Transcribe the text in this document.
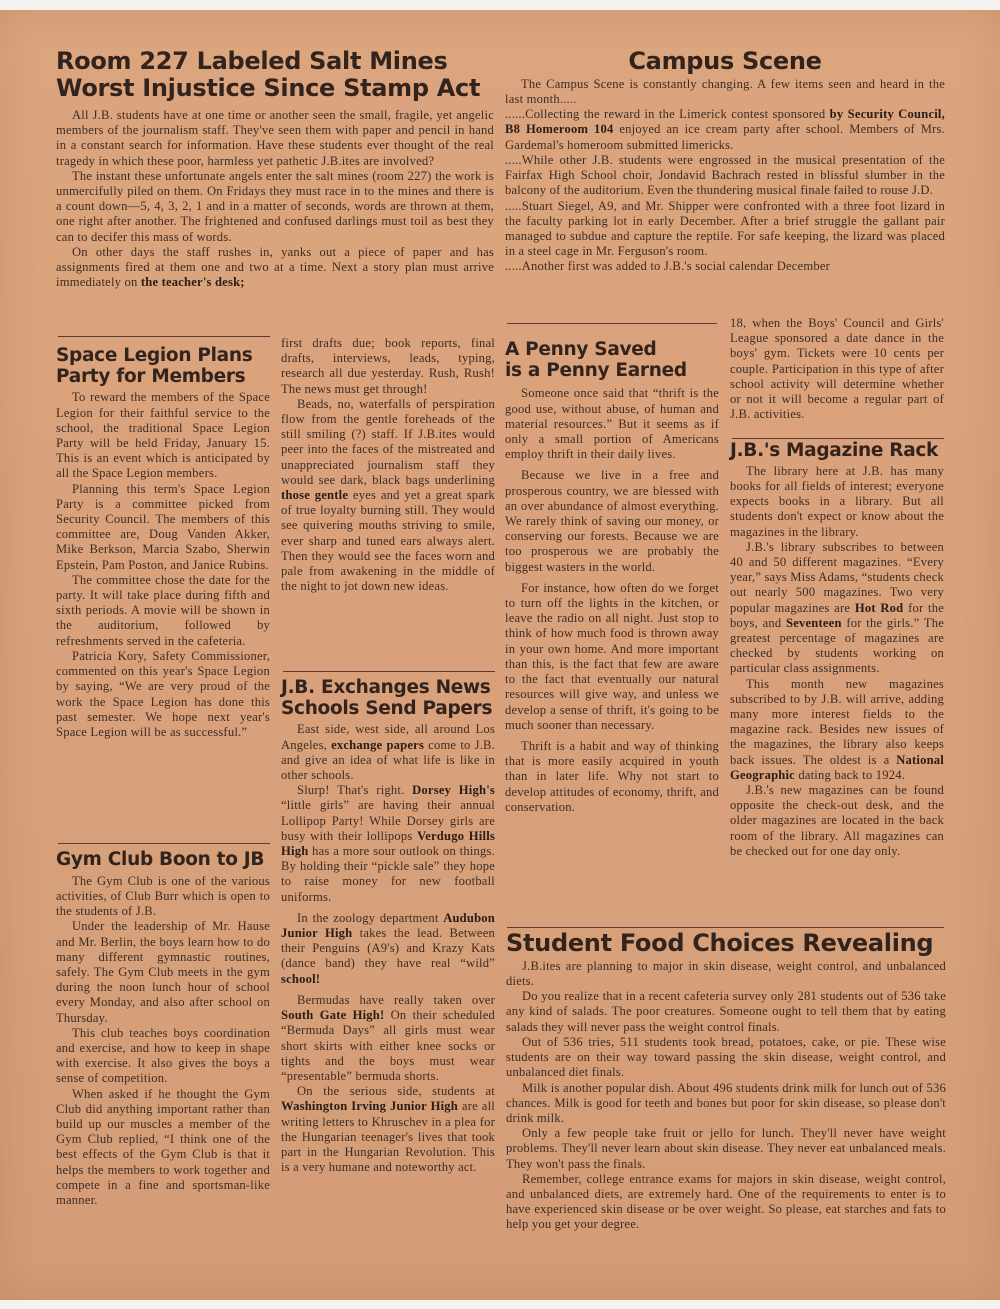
Room 227 Labeled Salt Mines
Worst Injustice Since Stamp Act

All J.B. students have at one time or another seen the small, fragile, yet angelic members of the journalism staff. They've seen them with paper and pencil in hand in a constant search for information. Have these students ever thought of the real tragedy in which these poor, harmless yet pathetic J.B.ites are involved?

The instant these unfortunate angels enter the salt mines (room 227) the work is unmercifully piled on them. On Fridays they must race in to the mines and there is a count down—5, 4, 3, 2, 1 and in a matter of seconds, words are thrown at them, one right after another. The frightened and confused darlings must toil as best they can to decifer this mass of words.

On other days the staff rushes in, yanks out a piece of paper and has assignments fired at them one and two at a time. Next a story plan must arrive immediately on the teacher's desk;

first drafts due; book reports, final drafts, interviews, leads, typing, research all due yesterday. Rush, Rush! The news must get through!

Beads, no, waterfalls of perspiration flow from the gentle foreheads of the still smiling (?) staff. If J.B.ites would peer into the faces of the mistreated and unappreciated journalism staff they would see dark, black bags underlining those gentle eyes and yet a great spark of true loyalty burning still. They would see quivering mouths striving to smile, ever sharp and tuned ears always alert. Then they would see the faces worn and pale from awakening in the middle of the night to jot down new ideas.

Space Legion Plans
Party for Members

To reward the members of the Space Legion for their faithful service to the school, the traditional Space Legion Party will be held Friday, January 15. This is an event which is anticipated by all the Space Legion members.

Planning this term's Space Legion Party is a committee picked from Security Council. The members of this committee are, Doug Vanden Akker, Mike Berkson, Marcia Szabo, Sherwin Epstein, Pam Poston, and Janice Rubins.

The committee chose the date for the party. It will take place during fifth and sixth periods. A movie will be shown in the auditorium, followed by refreshments served in the cafeteria.

Patricia Kory, Safety Commissioner, commented on this year's Space Legion by saying, “We are very proud of the work the Space Legion has done this past semester. We hope next year's Space Legion will be as successful.”

Gym Club Boon to JB

The Gym Club is one of the various activities, of Club Burr which is open to the students of J.B.

Under the leadership of Mr. Hause and Mr. Berlin, the boys learn how to do many different gymnastic routines, safely. The Gym Club meets in the gym during the noon lunch hour of school every Monday, and also after school on Thursday.

This club teaches boys coordination and exercise, and how to keep in shape with exercise. It also gives the boys a sense of competition.

When asked if he thought the Gym Club did anything important rather than build up our muscles a member of the Gym Club replied, “I think one of the best effects of the Gym Club is that it helps the members to work together and compete in a fine and sportsman-like manner.

J.B. Exchanges News
Schools Send Papers

East side, west side, all around Los Angeles, exchange papers come to J.B. and give an idea of what life is like in other schools.

Slurp! That's right. Dorsey High's “little girls” are having their annual Lollipop Party! While Dorsey girls are busy with their lollipops Verdugo Hills High has a more sour outlook on things. By holding their “pickle sale” they hope to raise money for new football uniforms.

In the zoology department Audubon Junior High takes the lead. Between their Penguins (A9's) and Krazy Kats (dance band) they have real “wild” school!

Bermudas have really taken over South Gate High! On their scheduled “Bermuda Days” all girls must wear short skirts with either knee socks or tights and the boys must wear “presentable” bermuda shorts.

On the serious side, students at Washington Irving Junior High are all writing letters to Khruschev in a plea for the Hungarian teenager's lives that took part in the Hungarian Revolution. This is a very humane and noteworthy act.

Campus Scene

The Campus Scene is constantly changing. A few items seen and heard in the last month.....

......Collecting the reward in the Limerick contest sponsored by Security Council, B8 Homeroom 104 enjoyed an ice cream party after school. Members of Mrs. Gardemal's homeroom submitted limericks.

.....While other J.B. students were engrossed in the musical presentation of the Fairfax High School choir, Jondavid Bachrach rested in blissful slumber in the balcony of the auditorium. Even the thundering musical finale failed to rouse J.D.

.....Stuart Siegel, A9, and Mr. Shipper were confronted with a three foot lizard in the faculty parking lot in early December. After a brief struggle the gallant pair managed to subdue and capture the reptile. For safe keeping, the lizard was placed in a steel cage in Mr. Ferguson's room.

.....Another first was added to J.B.'s social calendar December

18, when the Boys' Council and Girls' League sponsored a date dance in the boys' gym. Tickets were 10 cents per couple. Participation in this type of after school activity will determine whether or not it will become a regular part of J.B. activities.

A Penny Saved
is a Penny Earned

Someone once said that “thrift is the good use, without abuse, of human and material resources.” But it seems as if only a small portion of Americans employ thrift in their daily lives.

Because we live in a free and prosperous country, we are blessed with an over abundance of almost everything. We rarely think of saving our money, or conserving our forests. Because we are too prosperous we are probably the biggest wasters in the world.

For instance, how often do we forget to turn off the lights in the kitchen, or leave the radio on all night. Just stop to think of how much food is thrown away in your own home. And more important than this, is the fact that few are aware to the fact that eventually our natural resources will give way, and unless we develop a sense of thrift, it's going to be much sooner than necessary.

Thrift is a habit and way of thinking that is more easily acquired in youth than in later life. Why not start to develop attitudes of economy, thrift, and conservation.

J.B.'s Magazine Rack

The library here at J.B. has many books for all fields of interest; everyone expects books in a library. But all students don't expect or know about the magazines in the library.

J.B.'s library subscribes to between 40 and 50 different magazines. “Every year,” says Miss Adams, “students check out nearly 500 magazines. Two very popular magazines are Hot Rod for the boys, and Seventeen for the girls.” The greatest percentage of magazines are checked by students working on particular class assignments.

This month new magazines subscribed to by J.B. will arrive, adding many more interest fields to the magazine rack. Besides new issues of the magazines, the library also keeps back issues. The oldest is a National Geographic dating back to 1924.

J.B.'s new magazines can be found opposite the check-out desk, and the older magazines are located in the back room of the library. All magazines can be checked out for one day only.

Student Food Choices Revealing

J.B.ites are planning to major in skin disease, weight control, and unbalanced diets.

Do you realize that in a recent cafeteria survey only 281 students out of 536 take any kind of salads. The poor creatures. Someone ought to tell them that by eating salads they will never pass the weight control finals.

Out of 536 tries, 511 students took bread, potatoes, cake, or pie. These wise students are on their way toward passing the skin disease, weight control, and unbalanced diet finals.

Milk is another popular dish. About 496 students drink milk for lunch out of 536 chances. Milk is good for teeth and bones but poor for skin disease, so please don't drink milk.

Only a few people take fruit or jello for lunch. They'll never have weight problems. They'll never learn about skin disease. They never eat unbalanced meals. They won't pass the finals.

Remember, college entrance exams for majors in skin disease, weight control, and unbalanced diets, are extremely hard. One of the requirements to enter is to have experienced skin disease or be over weight. So please, eat starches and fats to help you get your degree.
